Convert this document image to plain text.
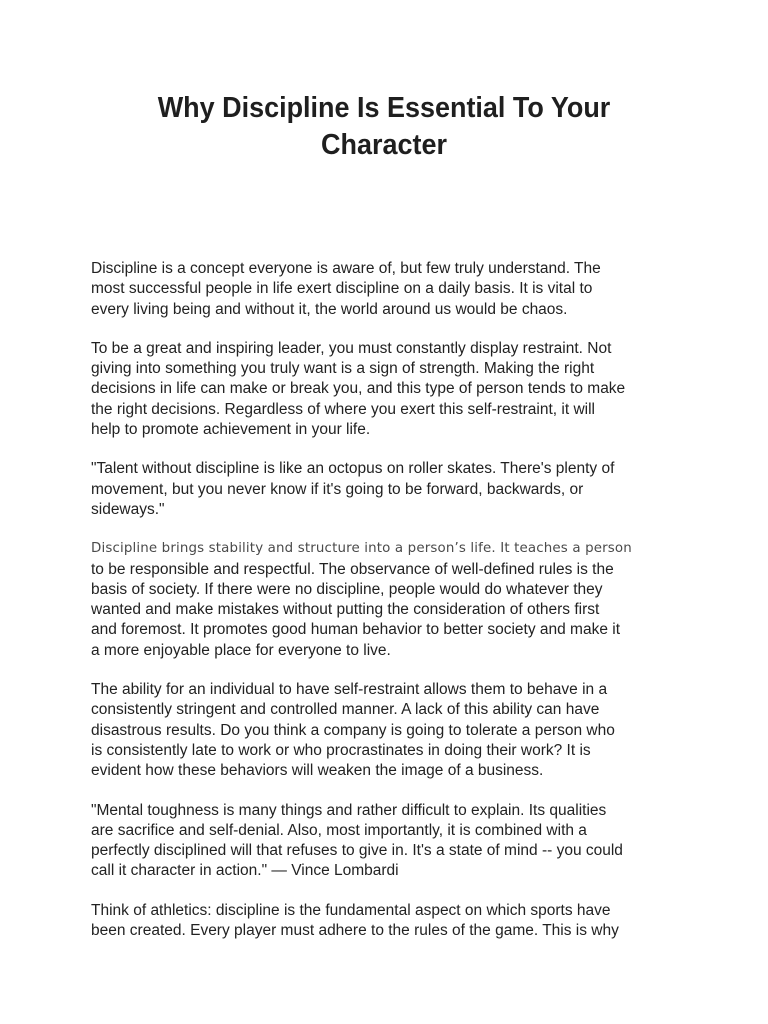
Why Discipline Is Essential To Your
Character

Discipline is a concept everyone is aware of, but few truly understand. The
most successful people in life exert discipline on a daily basis. It is vital to
every living being and without it, the world around us would be chaos.

To be a great and inspiring leader, you must constantly display restraint. Not
giving into something you truly want is a sign of strength. Making the right
decisions in life can make or break you, and this type of person tends to make
the right decisions. Regardless of where you exert this self-restraint, it will
help to promote achievement in your life.

"Talent without discipline is like an octopus on roller skates. There's plenty of
movement, but you never know if it's going to be forward, backwards, or
sideways."

Discipline brings stability and structure into a person’s life. It teaches a person
to be responsible and respectful. The observance of well-defined rules is the
basis of society. If there were no discipline, people would do whatever they
wanted and make mistakes without putting the consideration of others first
and foremost. It promotes good human behavior to better society and make it
a more enjoyable place for everyone to live.

The ability for an individual to have self-restraint allows them to behave in a
consistently stringent and controlled manner. A lack of this ability can have
disastrous results. Do you think a company is going to tolerate a person who
is consistently late to work or who procrastinates in doing their work? It is
evident how these behaviors will weaken the image of a business.

"Mental toughness is many things and rather difficult to explain. Its qualities
are sacrifice and self-denial. Also, most importantly, it is combined with a
perfectly disciplined will that refuses to give in. It's a state of mind -- you could
call it character in action." — Vince Lombardi

Think of athletics: discipline is the fundamental aspect on which sports have
been created. Every player must adhere to the rules of the game. This is why
